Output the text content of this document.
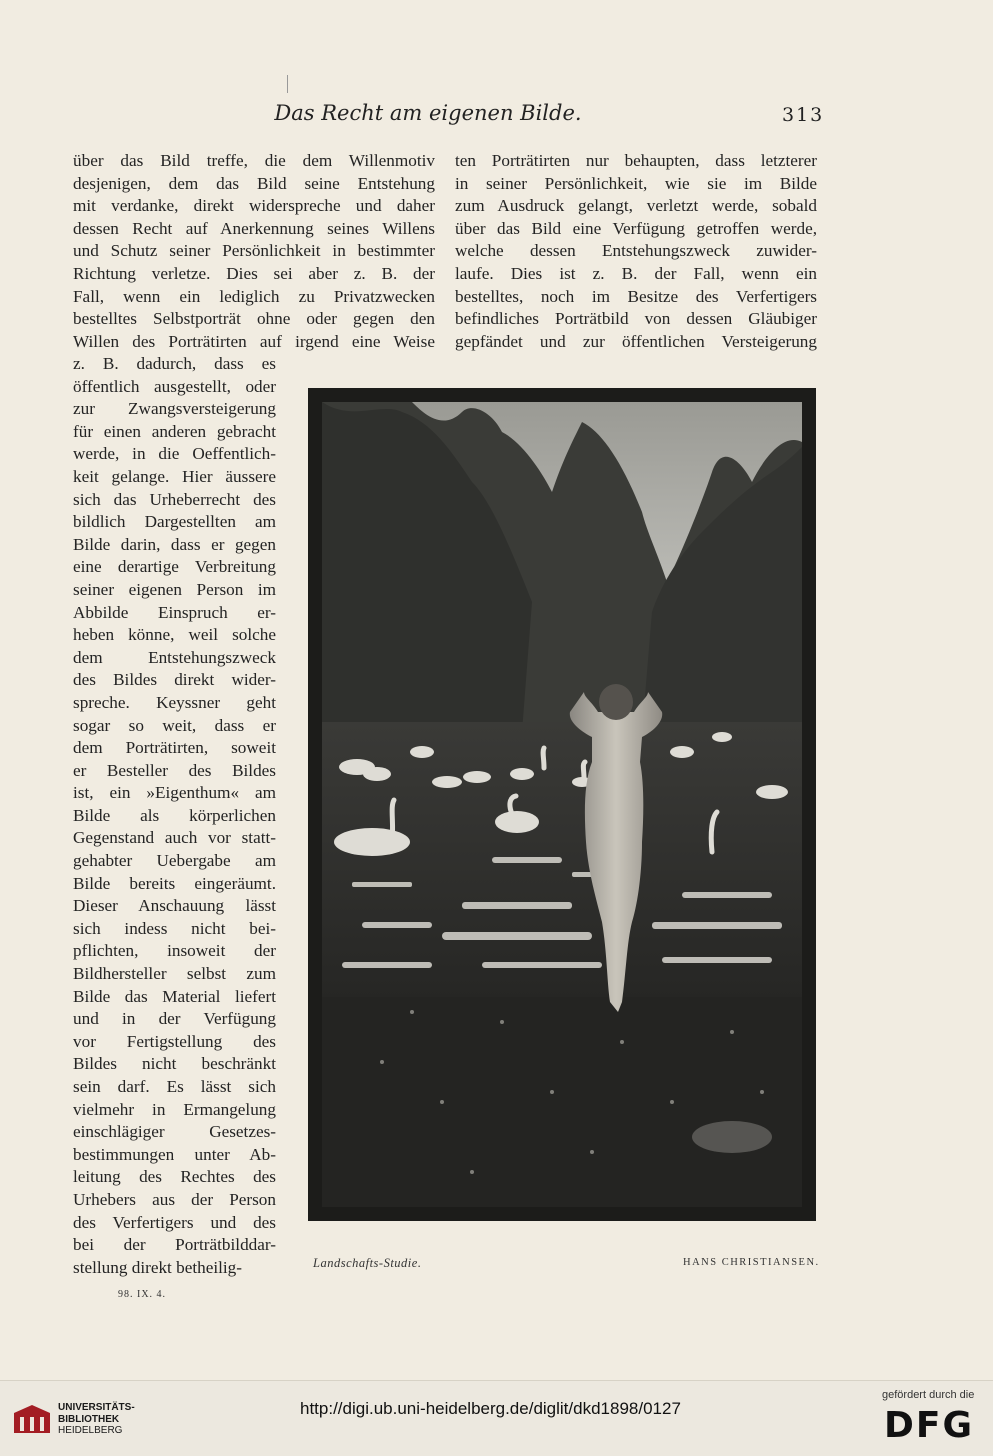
Das Recht am eigenen Bilde.	313
über das Bild treffe, die dem Willenmotiv
desjenigen, dem das Bild seine Entstehung
mit verdanke, direkt widerspreche und daher
dessen Recht auf Anerkennung seines Willens
und Schutz seiner Persönlichkeit in bestimmter
Richtung verletze. Dies sei aber z. B. der
Fall, wenn ein lediglich zu Privatzwecken
bestelltes Selbstporträt ohne oder gegen den
Willen des Porträtirten auf irgend eine Weise
ten Porträtirten nur behaupten, dass letzterer
in seiner Persönlichkeit, wie sie im Bilde
zum Ausdruck gelangt, verletzt werde, sobald
über das Bild eine Verfügung getroffen werde,
welche dessen Entstehungszweck zuwider-
laufe. Dies ist z. B. der Fall, wenn ein
bestelltes, noch im Besitze des Verfertigers
befindliches Porträtbild von dessen Gläubiger
gepfändet und zur öffentlichen Versteigerung
z. B. dadurch, dass es
öffentlich ausgestellt, oder
zur Zwangsversteigerung
für einen anderen gebracht
werde, in die Oeffentlich-
keit gelange. Hier äussere
sich das Urheberrecht des
bildlich Dargestellten am
Bilde darin, dass er gegen
eine derartige Verbreitung
seiner eigenen Person im
Abbilde Einspruch er-
heben könne, weil solche
dem Entstehungszweck
des Bildes direkt wider-
spreche. Keyssner geht
sogar so weit, dass er
dem Porträtirten, soweit
er Besteller des Bildes
ist, ein »Eigenthum« am
Bilde als körperlichen
Gegenstand auch vor statt-
gehabter Uebergabe am
Bilde bereits eingeräumt.
Dieser Anschauung lässt
sich indess nicht bei-
pflichten, insoweit der
Bildhersteller selbst zum
Bilde das Material liefert
und in der Verfügung
vor Fertigstellung des
Bildes nicht beschränkt
sein darf. Es lässt sich
vielmehr in Ermangelung
einschlägiger Gesetzes-
bestimmungen unter Ab-
leitung des Rechtes des
Urhebers aus der Person
des Verfertigers und des
bei der Porträtbilddar-
stellung direkt betheilig-	Landschafts-Studie.	HANS CHRISTIANSEN.
98. IX. 4.
UNIVERSITÄTS-
BIBLIOTHEK
HEIDELBERG
http://digi.ub.uni-heidelberg.de/diglit/dkd1898/0127
gefördert durch die
DFG
